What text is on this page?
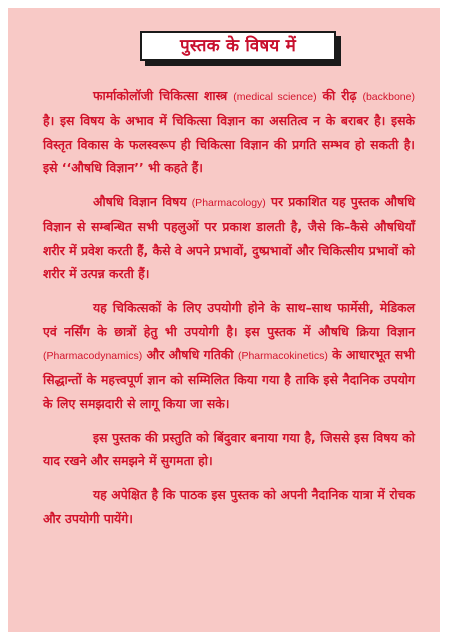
पुस्तक के विषय में

फार्माकोलॉजी चिकित्सा शास्त्र (medical science) की रीढ़ (backbone) है। इस विषय के अभाव में चिकित्सा विज्ञान का असतित्व न के बराबर है। इसके विस्तृत विकास के फलस्वरूप ही चिकित्सा विज्ञान की प्रगति सम्भव हो सकती है। इसे ‘‘औषधि विज्ञान’’ भी कहते हैं।

औषधि विज्ञान विषय (Pharmacology) पर प्रकाशित यह पुस्तक औषधि विज्ञान से सम्बन्धित सभी पहलुओं पर प्रकाश डालती है, जैसे कि–कैसे औषधियाँ शरीर में प्रवेश करती हैं, कैसे वे अपने प्रभावों, दुष्प्रभावों और चिकित्सीय प्रभावों को शरीर में उत्पन्न करती हैं।

यह चिकित्सकों के लिए उपयोगी होने के साथ–साथ फार्मेसी, मेडिकल एवं नर्सिंग के छात्रों हेतु भी उपयोगी है। इस पुस्तक में औषधि क्रिया विज्ञान (Pharmacodynamics) और औषधि गतिकी (Pharmacokinetics) के आधारभूत सभी सिद्धान्तों के महत्त्वपूर्ण ज्ञान को सम्मिलित किया गया है ताकि इसे नैदानिक उपयोग के लिए समझदारी से लागू किया जा सके।

इस पुस्तक की प्रस्तुति को बिंदुवार बनाया गया है, जिससे इस विषय को याद रखने और समझने में सुगमता हो।

यह अपेक्षित है कि पाठक इस पुस्तक को अपनी नैदानिक यात्रा में रोचक और उपयोगी पायेंगे।
